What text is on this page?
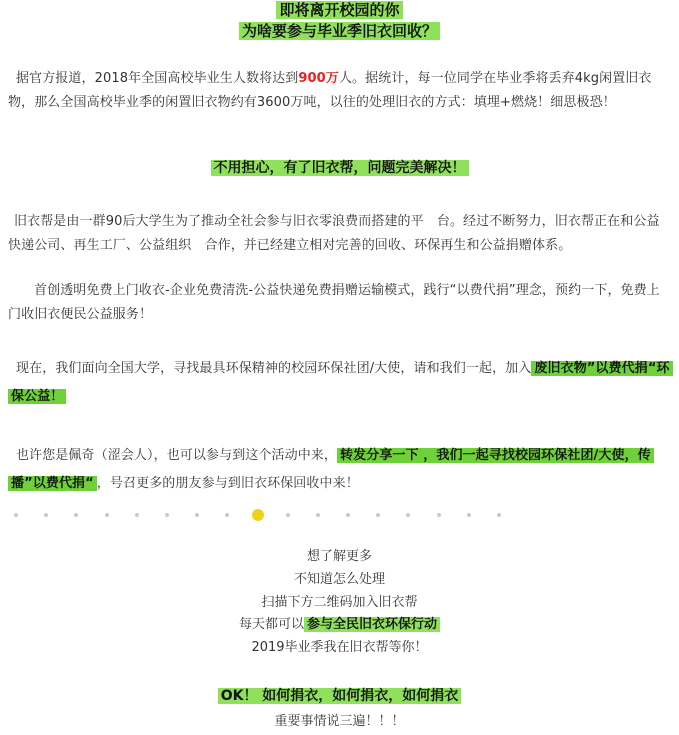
即将离开校园的你
为啥要参与毕业季旧衣回收？
据官方报道，2018年全国高校毕业生人数将达到900万人。据统计，每一位同学在毕业季将丢弃4kg闲置旧衣物，那么全国高校毕业季的闲置旧衣物约有3600万吨，以往的处理旧衣的方式：填埋+燃烧！细思极恐！
不用担心，有了旧衣帮，问题完美解决！
旧衣帮是由一群90后大学生为了推动全社会参与旧衣零浪费而搭建的平　台。经过不断努力，旧衣帮正在和公益快递公司、再生工厂、公益组织　合作，并已经建立相对完善的回收、环保再生和公益捐赠体系。
首创透明免费上门收衣-企业免费清洗-公益快递免费捐赠运输模式，践行“以费代捐”理念，预约一下，免费上门收旧衣便民公益服务！
现在，我们面向全国大学，寻找最具环保精神的校园环保社团/大使，请和我们一起，加入 废旧衣物”以费代捐“环保公益！
也许您是佩奇（涩会人），也可以参与到这个活动中来， 转发分享一下 ，我们一起寻找校园环保社团/大使，传播”以费代捐“ ，号召更多的朋友参与到旧衣环保回收中来！
想了解更多
不知道怎么处理
扫描下方二维码加入旧衣帮
每天都可以 参与全民旧衣环保行动
2019毕业季我在旧衣帮等你！
OK！ 如何捐衣，如何捐衣，如何捐衣
重要事情说三遍！！！
